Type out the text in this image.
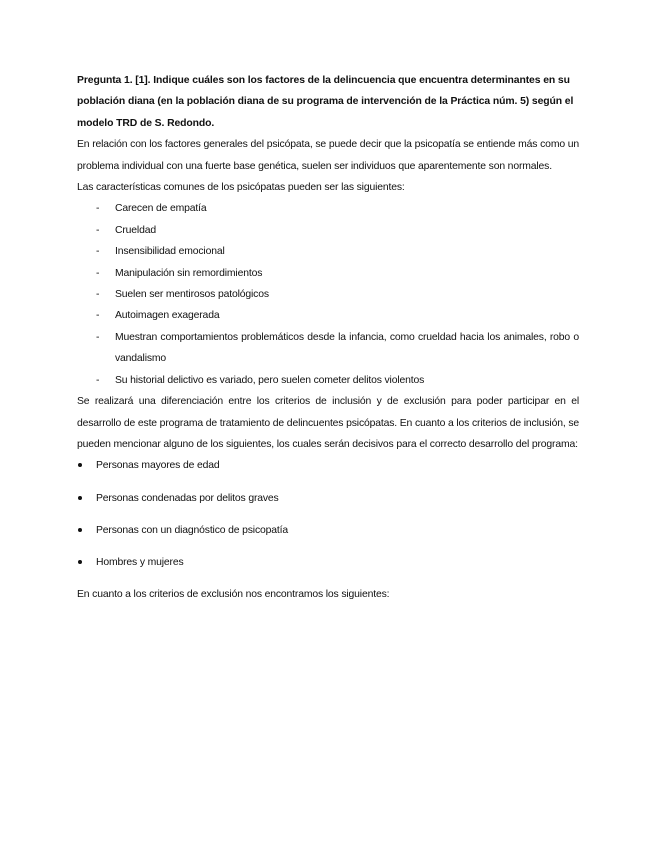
Pregunta 1. [1]. Indique cuáles son los factores de la delincuencia que encuentra determinantes en su población diana (en la población diana de su programa de intervención de la Práctica núm. 5) según el modelo TRD de S. Redondo.

En relación con los factores generales del psicópata, se puede decir que la psicopatía se entiende más como un problema individual con una fuerte base genética, suelen ser individuos que aparentemente son normales.

Las características comunes de los psicópatas pueden ser las siguientes:

- Carecen de empatía
- Crueldad
- Insensibilidad emocional
- Manipulación sin remordimientos
- Suelen ser mentirosos patológicos
- Autoimagen exagerada
- Muestran comportamientos problemáticos desde la infancia, como crueldad hacia los animales, robo o vandalismo
- Su historial delictivo es variado, pero suelen cometer delitos violentos

Se realizará una diferenciación entre los criterios de inclusión y de exclusión para poder participar en el desarrollo de este programa de tratamiento de delincuentes psicópatas. En cuanto a los criterios de inclusión, se pueden mencionar alguno de los siguientes, los cuales serán decisivos para el correcto desarrollo del programa:

Personas mayores de edad
Personas condenadas por delitos graves
Personas con un diagnóstico de psicopatía
Hombres y mujeres

En cuanto a los criterios de exclusión nos encontramos los siguientes:
